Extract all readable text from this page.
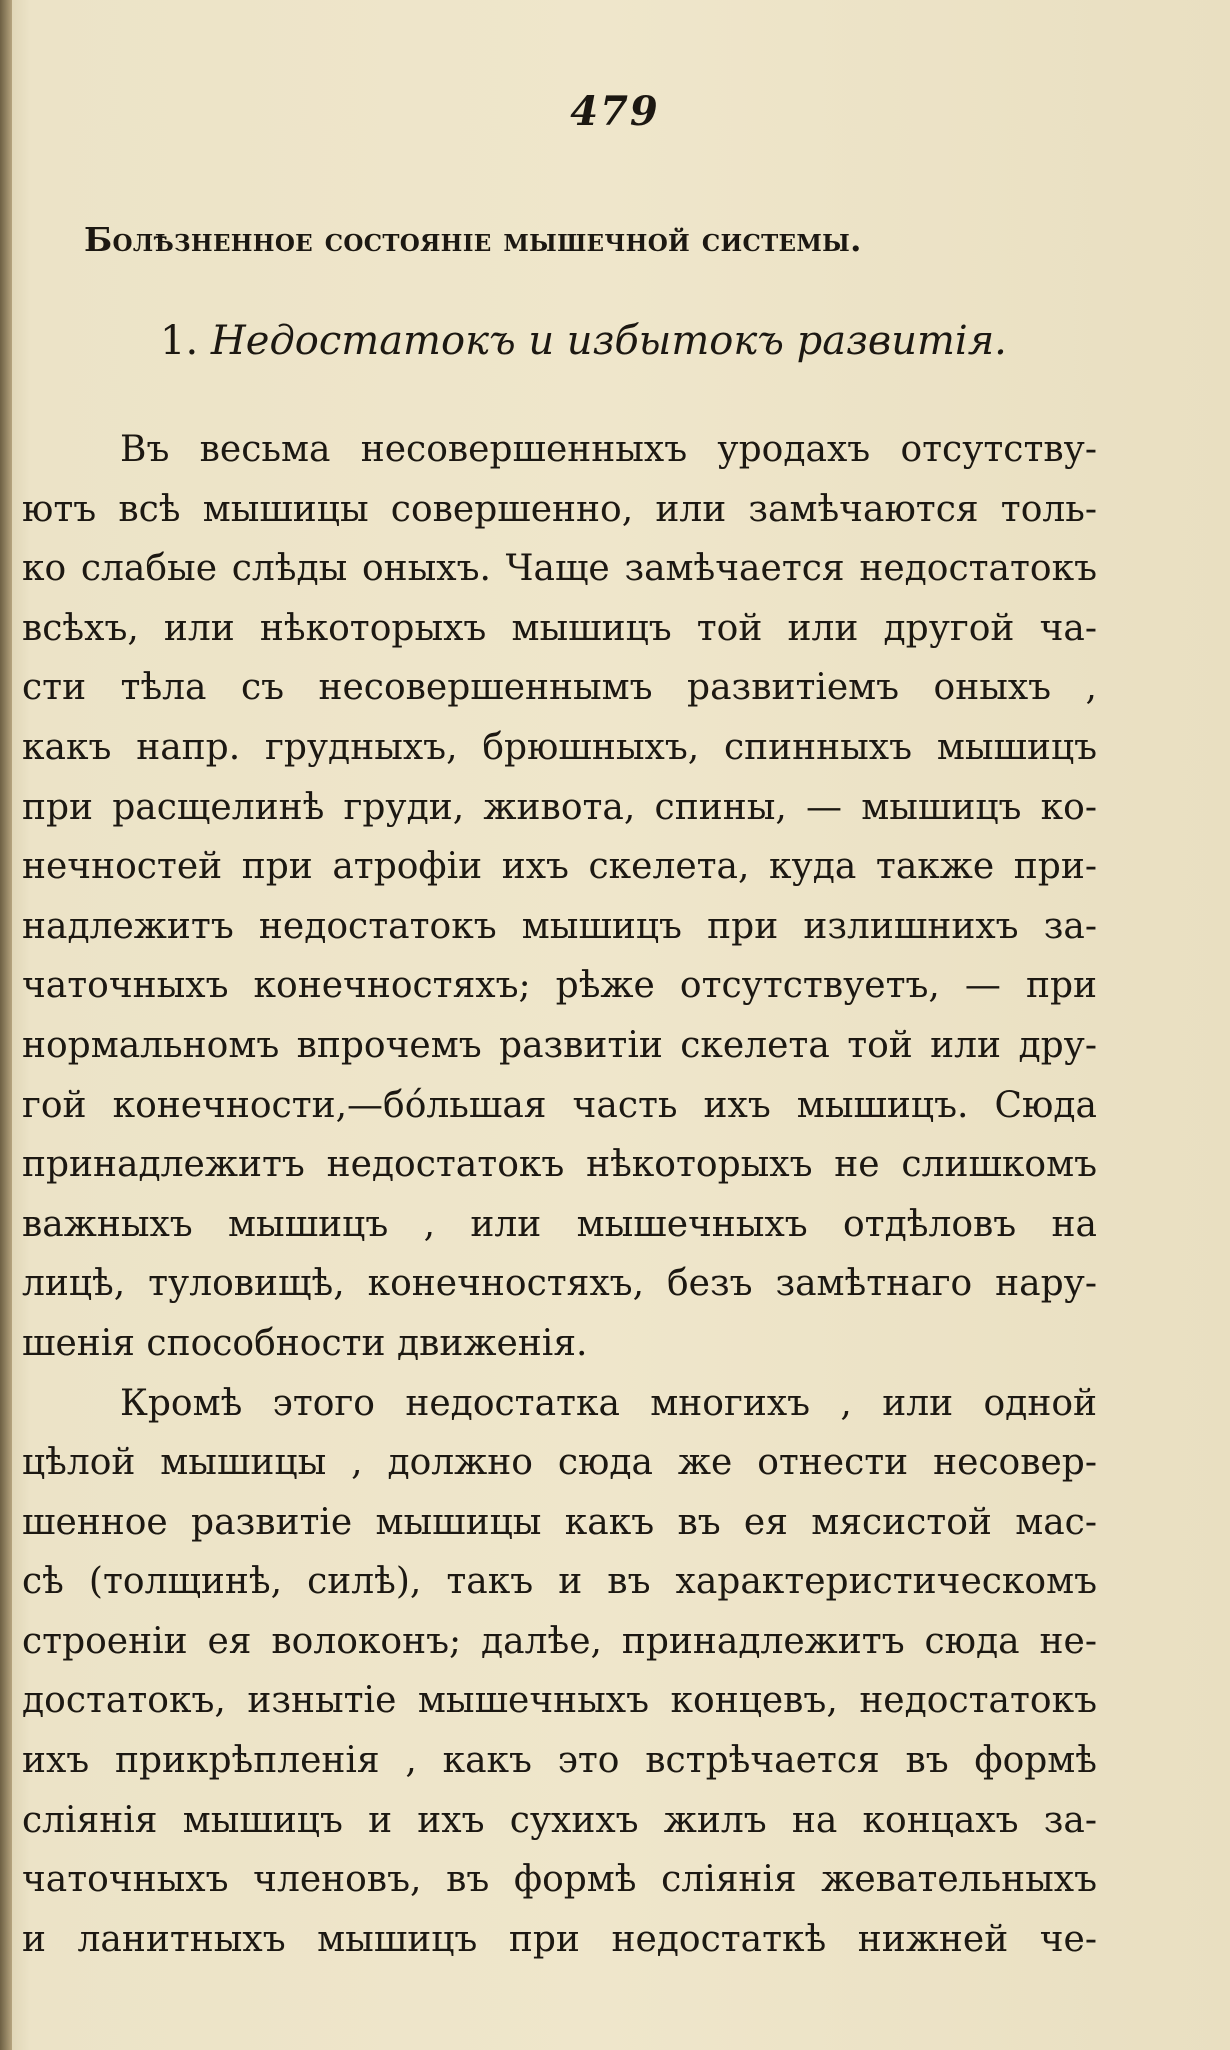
479
Болѣзненное состояніе мышечной системы.
1. Недостатокъ и избытокъ развитія.
Въ весьма несовершенныхъ уродахъ отсутству-
ютъ всѣ мышицы совершенно, или замѣчаются толь-
ко слабые слѣды оныхъ. Чаще замѣчается недостатокъ
всѣхъ, или нѣкоторыхъ мышицъ той или другой ча-
сти тѣла съ несовершеннымъ развитіемъ оныхъ ,
какъ напр. грудныхъ, брюшныхъ, спинныхъ мышицъ
при расщелинѣ груди, живота, спины, — мышицъ ко-
нечностей при атрофіи ихъ скелета, куда также при-
надлежитъ недостатокъ мышицъ при излишнихъ за-
чаточныхъ конечностяхъ; рѣже отсутствуетъ, — при
нормальномъ впрочемъ развитіи скелета той или дру-
гой конечности,—бо́льшая часть ихъ мышицъ. Сюда
принадлежитъ недостатокъ нѣкоторыхъ не слишкомъ
важныхъ мышицъ , или мышечныхъ отдѣловъ на
лицѣ, туловищѣ, конечностяхъ, безъ замѣтнаго нару-
шенія способности движенія.
Кромѣ этого недостатка многихъ , или одной
цѣлой мышицы , должно сюда же отнести несовер-
шенное развитіе мышицы какъ въ ея мясистой мас-
сѣ (толщинѣ, силѣ), такъ и въ характеристическомъ
строеніи ея волоконъ; далѣе, принадлежитъ сюда не-
достатокъ, изнытіе мышечныхъ концевъ, недостатокъ
ихъ прикрѣпленія , какъ это встрѣчается въ формѣ
сліянія мышицъ и ихъ сухихъ жилъ на концахъ за-
чаточныхъ членовъ, въ формѣ сліянія жевательныхъ
и ланитныхъ мышицъ при недостаткѣ нижней че-
